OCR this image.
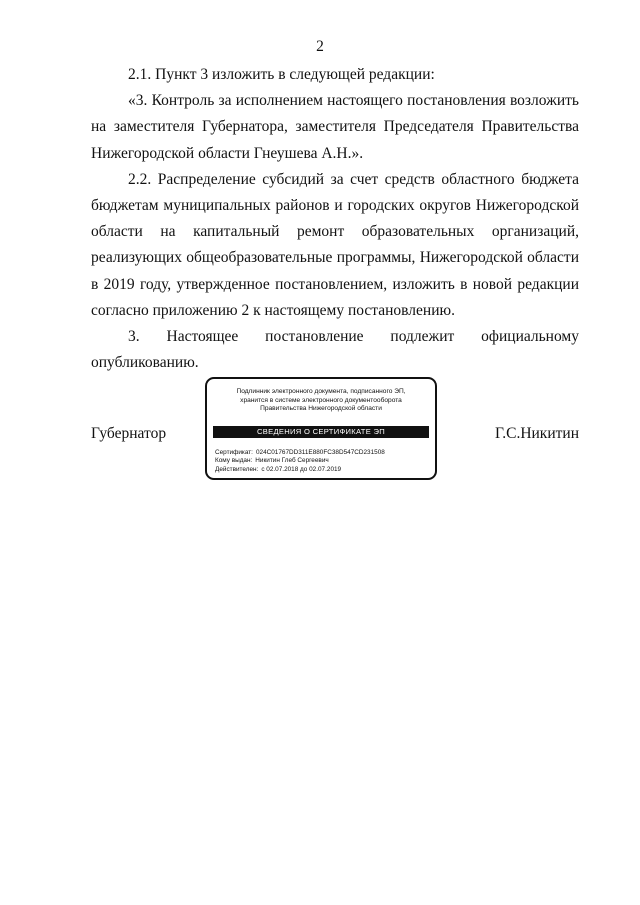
2

2.1. Пункт 3 изложить в следующей редакции:

«3. Контроль за исполнением настоящего постановления возложить на заместителя Губернатора, заместителя Председателя Правительства Нижегородской области Гнеушева А.Н.».

2.2. Распределение субсидий за счет средств областного бюджета бюджетам муниципальных районов и городских округов Нижегородской области на капитальный ремонт образовательных организаций, реализующих общеобразовательные программы, Нижегородской области в 2019 году, утвержденное постановлением, изложить в новой редакции согласно приложению 2 к настоящему постановлению.

3. Настоящее постановление подлежит официальному опубликованию.

Губернатор
Подлинник электронного документа, подписанного ЭП,
хранится в системе электронного документооборота
Правительства Нижегородской области
СВЕДЕНИЯ О СЕРТИФИКАТЕ ЭП
Сертификат: 024C01767DD311E880FC38D547CD231508
Кому выдан: Никитин Глеб Сергеевич
Действителен: с 02.07.2018 до 02.07.2019
Г.С.Никитин
